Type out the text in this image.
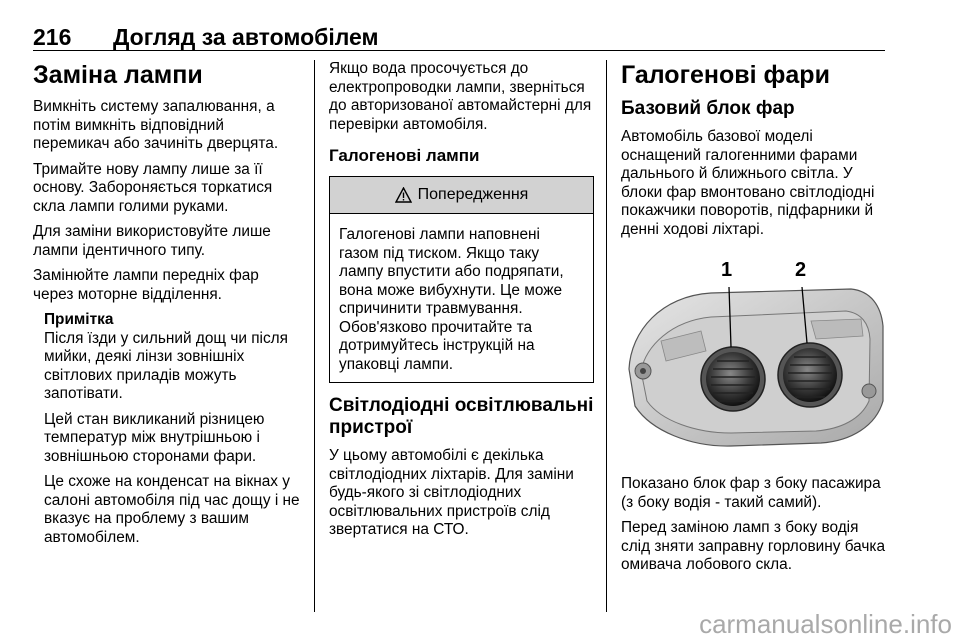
216 Догляд за автомобілем
Заміна лампи

Вимкніть систему запалювання, а потім вимкніть відповідний перемикач або зачиніть дверцята.

Тримайте нову лампу лише за її основу. Забороняється торкатися скла лампи голими руками.

Для заміни використовуйте лише лампи ідентичного типу.

Замінюйте лампи передніх фар через моторне відділення.

Примітка

Після їзди у сильний дощ чи після мийки, деякі лінзи зовнішніх світлових приладів можуть запотівати.

Цей стан викликаний різницею температур між внутрішньою і зовнішньою сторонами фари.

Це схоже на конденсат на вікнах у салоні автомобіля під час дощу і не вказує на проблему з вашим автомобілем.

Якщо вода просочується до електропроводки лампи, зверніться до авторизованої автомайстерні для перевірки автомобіля.

Галогенові лампи
Попередження

Галогенові лампи наповнені газом під тиском. Якщо таку лампу впустити або подряпати, вона може вибухнути. Це може спричинити травмування. Обов'язково прочитайте та дотримуйтесь інструкцій на упаковці лампи.

Світлодіодні освітлювальні пристрої

У цьому автомобілі є декілька світлодіодних ліхтарів. Для заміни будь-якого зі світлодіодних освітлювальних пристроїв слід звертатися на СТО.

Галогенові фари
Базовий блок фар

Автомобіль базової моделі оснащений галогенними фарами дальнього й ближнього світла. У блоки фар вмонтовано світлодіодні покажчики поворотів, підфарники й денні ходові ліхтарі.

1	2

Показано блок фар з боку пасажира (з боку водія - такий самий).

Перед заміною ламп з боку водія слід зняти заправну горловину бачка омивача лобового скла.

carmanualsonline.info
